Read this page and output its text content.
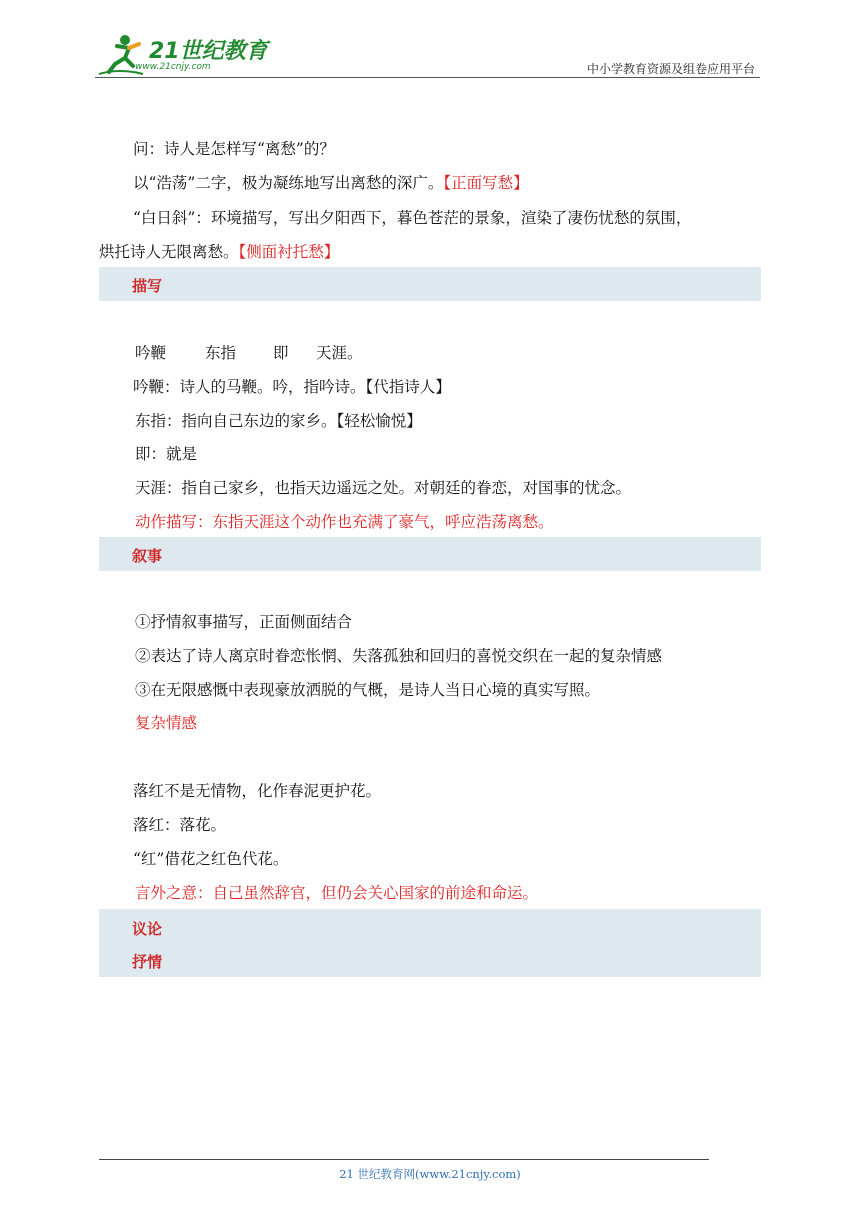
21世纪教育
www.21cnjy.com	中小学教育资源及组卷应用平台
问：诗人是怎样写“离愁”的？
以“浩荡”二字，极为凝练地写出离愁的深广。【正面写愁】
“白日斜”：环境描写，写出夕阳西下，暮色苍茫的景象，渲染了凄伤忧愁的氛围，
烘托诗人无限离愁。【侧面衬托愁】
描写
吟鞭	东指 即 天涯。
吟鞭：诗人的马鞭。吟，指吟诗。【代指诗人】
东指：指向自己东边的家乡。【轻松愉悦】
即：就是
天涯：指自己家乡，也指天边遥远之处。对朝廷的眷恋，对国事的忧念。
动作描写：东指天涯这个动作也充满了豪气，呼应浩荡离愁。
叙事
①抒情叙事描写，正面侧面结合
②表达了诗人离京时眷恋怅惘、失落孤独和回归的喜悦交织在一起的复杂情感
③在无限感慨中表现豪放洒脱的气概，是诗人当日心境的真实写照。
复杂情感
落红不是无情物，化作春泥更护花。
落红：落花。
“红”借花之红色代花。
言外之意：自己虽然辞官，但仍会关心国家的前途和命运。
议论
抒情
21 世纪教育网(www.21cnjy.com)
